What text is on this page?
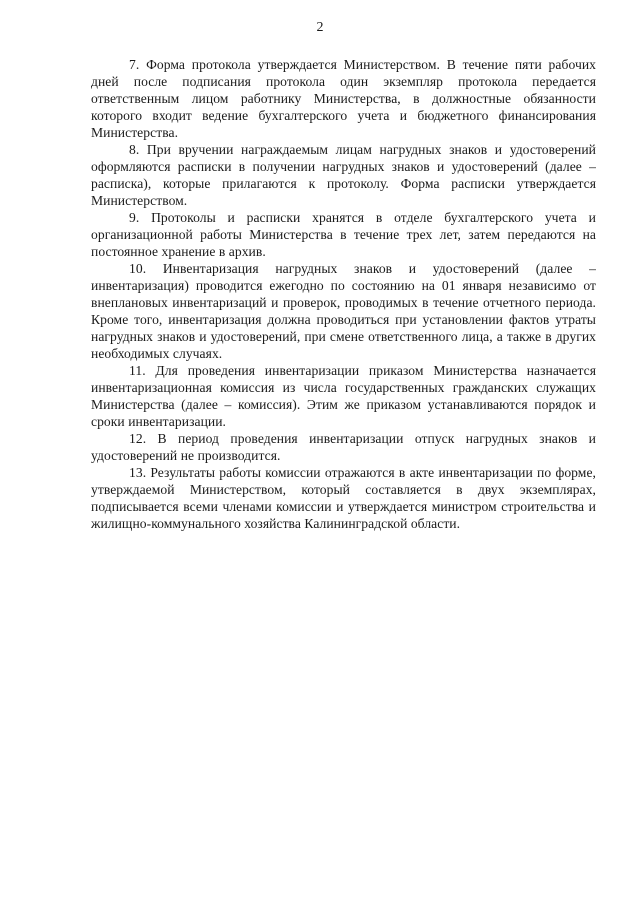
2

7. Форма протокола утверждается Министерством. В течение пяти рабочих дней после подписания протокола один экземпляр протокола передается ответственным лицом работнику Министерства, в должностные обязанности которого входит ведение бухгалтерского учета и бюджетного финансирования Министерства.

8. При вручении награждаемым лицам нагрудных знаков и удостоверений оформляются расписки в получении нагрудных знаков и удостоверений (далее – расписка), которые прилагаются к протоколу. Форма расписки утверждается Министерством.

9. Протоколы и расписки хранятся в отделе бухгалтерского учета и организационной работы Министерства в течение трех лет, затем передаются на постоянное хранение в архив.

10. Инвентаризация нагрудных знаков и удостоверений (далее – инвентаризация) проводится ежегодно по состоянию на 01 января независимо от внеплановых инвентаризаций и проверок, проводимых в течение отчетного периода. Кроме того, инвентаризация должна проводиться при установлении фактов утраты нагрудных знаков и удостоверений, при смене ответственного лица, а также в других необходимых случаях.

11. Для проведения инвентаризации приказом Министерства назначается инвентаризационная комиссия из числа государственных гражданских служащих Министерства (далее – комиссия). Этим же приказом устанавливаются порядок и сроки инвентаризации.

12. В период проведения инвентаризации отпуск нагрудных знаков и удостоверений не производится.

13. Результаты работы комиссии отражаются в акте инвентаризации по форме, утверждаемой Министерством, который составляется в двух экземплярах, подписывается всеми членами комиссии и утверждается министром строительства и жилищно-коммунального хозяйства Калининградской области.
